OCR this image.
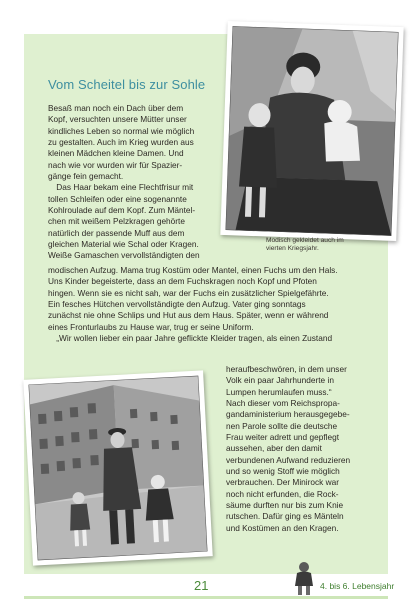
Vom Scheitel bis zur Sohle

Besaß man noch ein Dach über dem

Kopf, versuchten unsere Mütter unser

kindliches Leben so normal wie möglich

zu gestalten. Auch im Krieg wurden aus

kleinen Mädchen kleine Damen. Und

nach wie vor wurden wir für Spazier-

gänge fein gemacht.

 Das Haar bekam eine Flechtfrisur mit

tollen Schleifen oder eine sogenannte

Kohlroulade auf dem Kopf. Zum Mäntel-

chen mit weißem Pelzkragen gehörte

natürlich der passende Muff aus dem

gleichen Material wie Schal oder Kragen.

Weiße Gamaschen vervollständigten den

modischen Aufzug. Mama trug Kostüm oder Mantel, einen Fuchs um den Hals.

Uns Kinder begeisterte, dass an dem Fuchskragen noch Kopf und Pfoten

hingen. Wenn sie es nicht sah, war der Fuchs ein zusätzlicher Spielgefährte.

Ein fesches Hütchen vervollständigte den Aufzug. Vater ging sonntags

zunächst nie ohne Schlips und Hut aus dem Haus. Später, wenn er während

eines Fronturlaubs zu Hause war, trug er seine Uniform.

 „Wir wollen lieber ein paar Jahre geflickte Kleider tragen, als einen Zustand

heraufbeschwören, in dem unser

Volk ein paar Jahrhunderte in

Lumpen herumlaufen muss.“

Nach dieser vom Reichspropa-

gandaministerium herausgegebe-

nen Parole sollte die deutsche

Frau weiter adrett und gepflegt

aussehen, aber den damit

verbundenen Aufwand reduzieren

und so wenig Stoff wie möglich

verbrauchen. Der Minirock war

noch nicht erfunden, die Rock-

säume durften nur bis zum Knie

rutschen. Dafür ging es Mänteln

und Kostümen an den Kragen.

Modisch gekleidet auch im
vierten Kriegsjahr.
21	4. bis 6. Lebensjahr
